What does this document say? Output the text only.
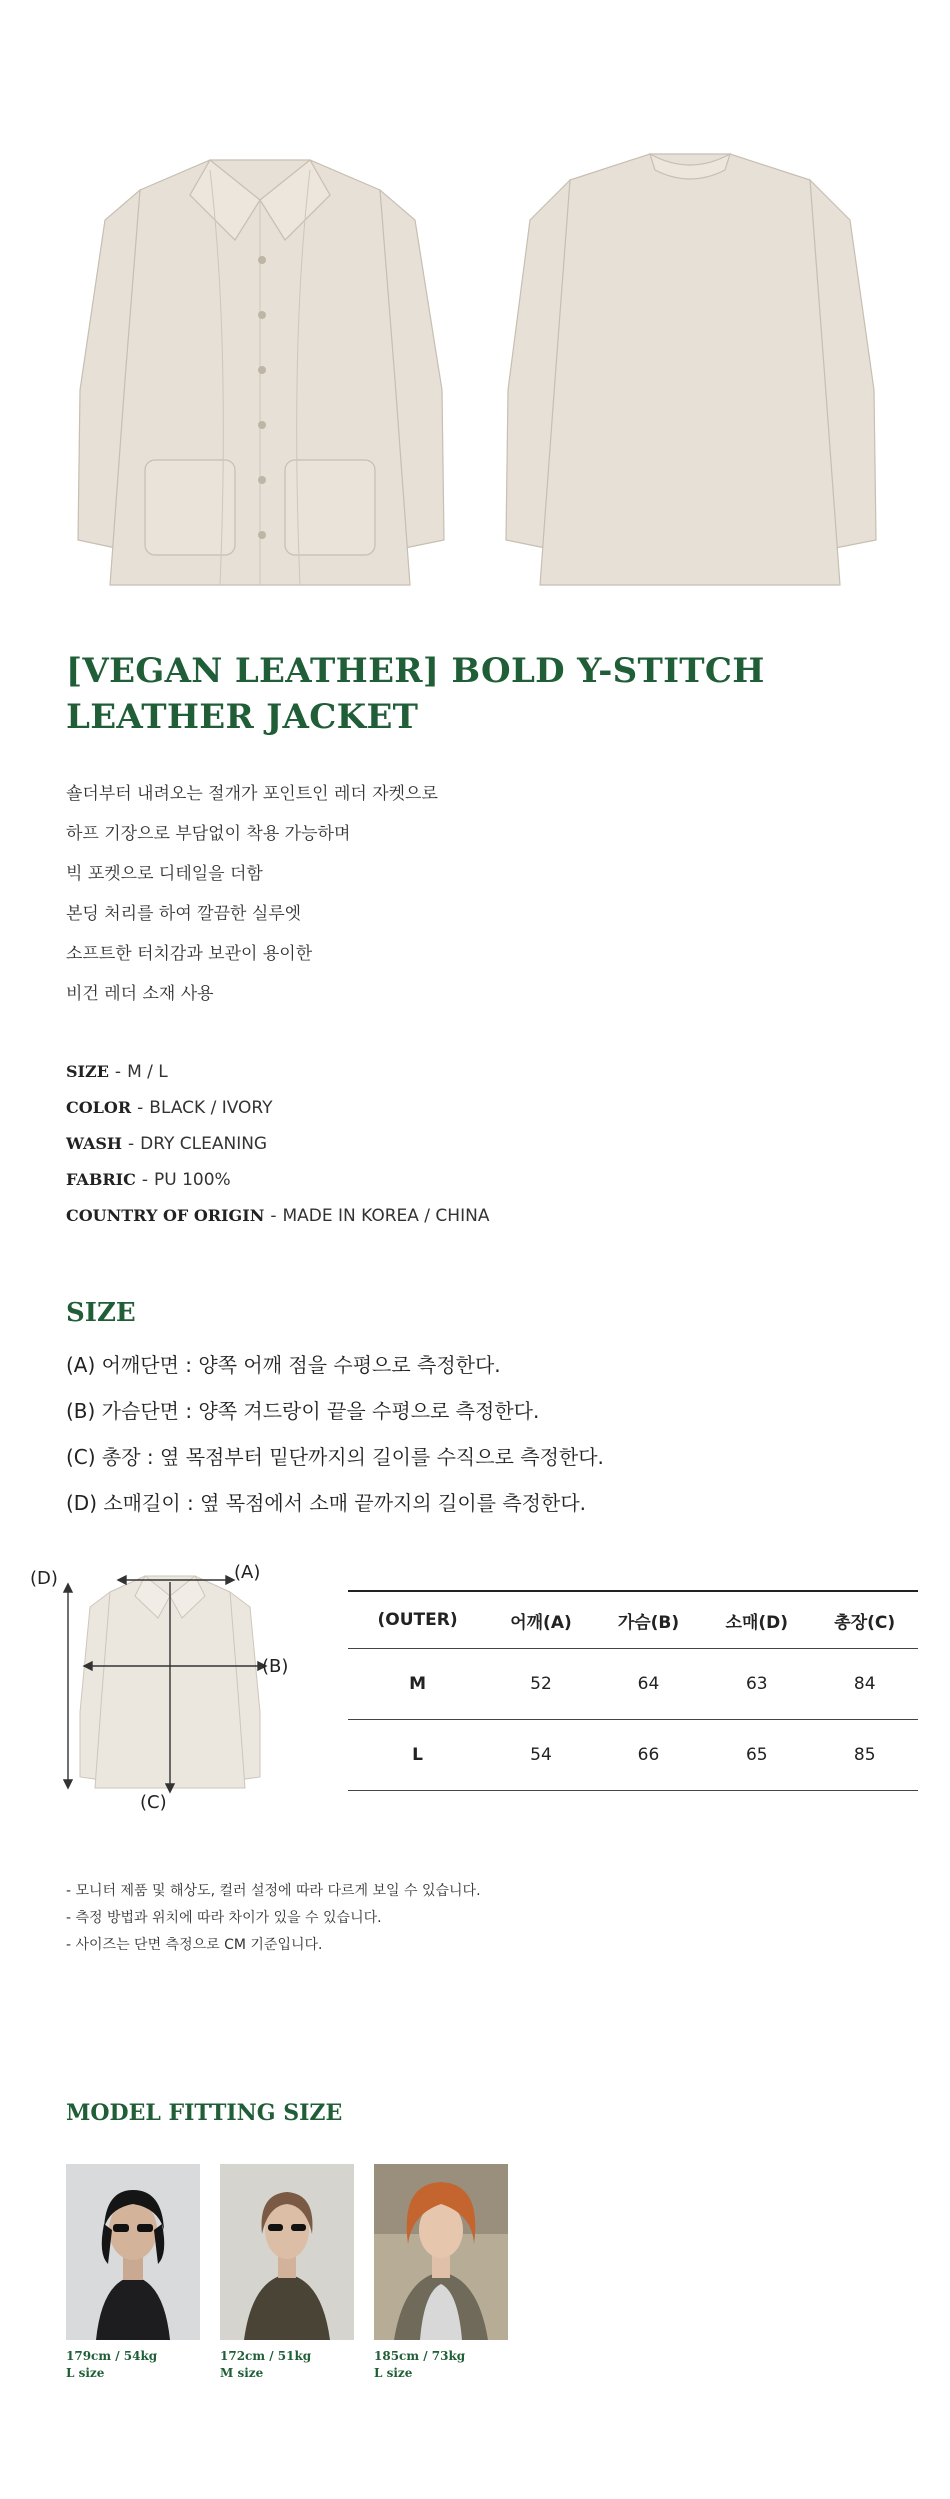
[VEGAN LEATHER] BOLD Y-STITCH LEATHER JACKET
숄더부터 내려오는 절개가 포인트인 레더 자켓으로
하프 기장으로 부담없이 착용 가능하며
빅 포켓으로 디테일을 더함
본딩 처리를 하여 깔끔한 실루엣
소프트한 터치감과 보관이 용이한
비건 레더 소재 사용
SIZE - M / L
COLOR - BLACK / IVORY
WASH - DRY CLEANING
FABRIC - PU 100%
COUNTRY OF ORIGIN - MADE IN KOREA / CHINA
SIZE
(A) 어깨단면 : 양쪽 어깨 점을 수평으로 측정한다.
(B) 가슴단면 : 양쪽 겨드랑이 끝을 수평으로 측정한다.
(C) 총장 : 옆 목점부터 밑단까지의 길이를 수직으로 측정한다.
(D) 소매길이 : 옆 목점에서 소매 끝까지의 길이를 측정한다.
(D)	(A)
(B)
(C)
(OUTER)	어깨(A)	가슴(B)	소매(D)	총장(C)
M	52	64	63	84
L	54	66	65	85
- 모니터 제품 및 해상도, 컬러 설정에 따라 다르게 보일 수 있습니다.
- 측정 방법과 위치에 따라 차이가 있을 수 있습니다.
- 사이즈는 단면 측정으로 CM 기준입니다.
MODEL FITTING SIZE
179cm / 54kg
L size
172cm / 51kg
M size
185cm / 73kg
L size
